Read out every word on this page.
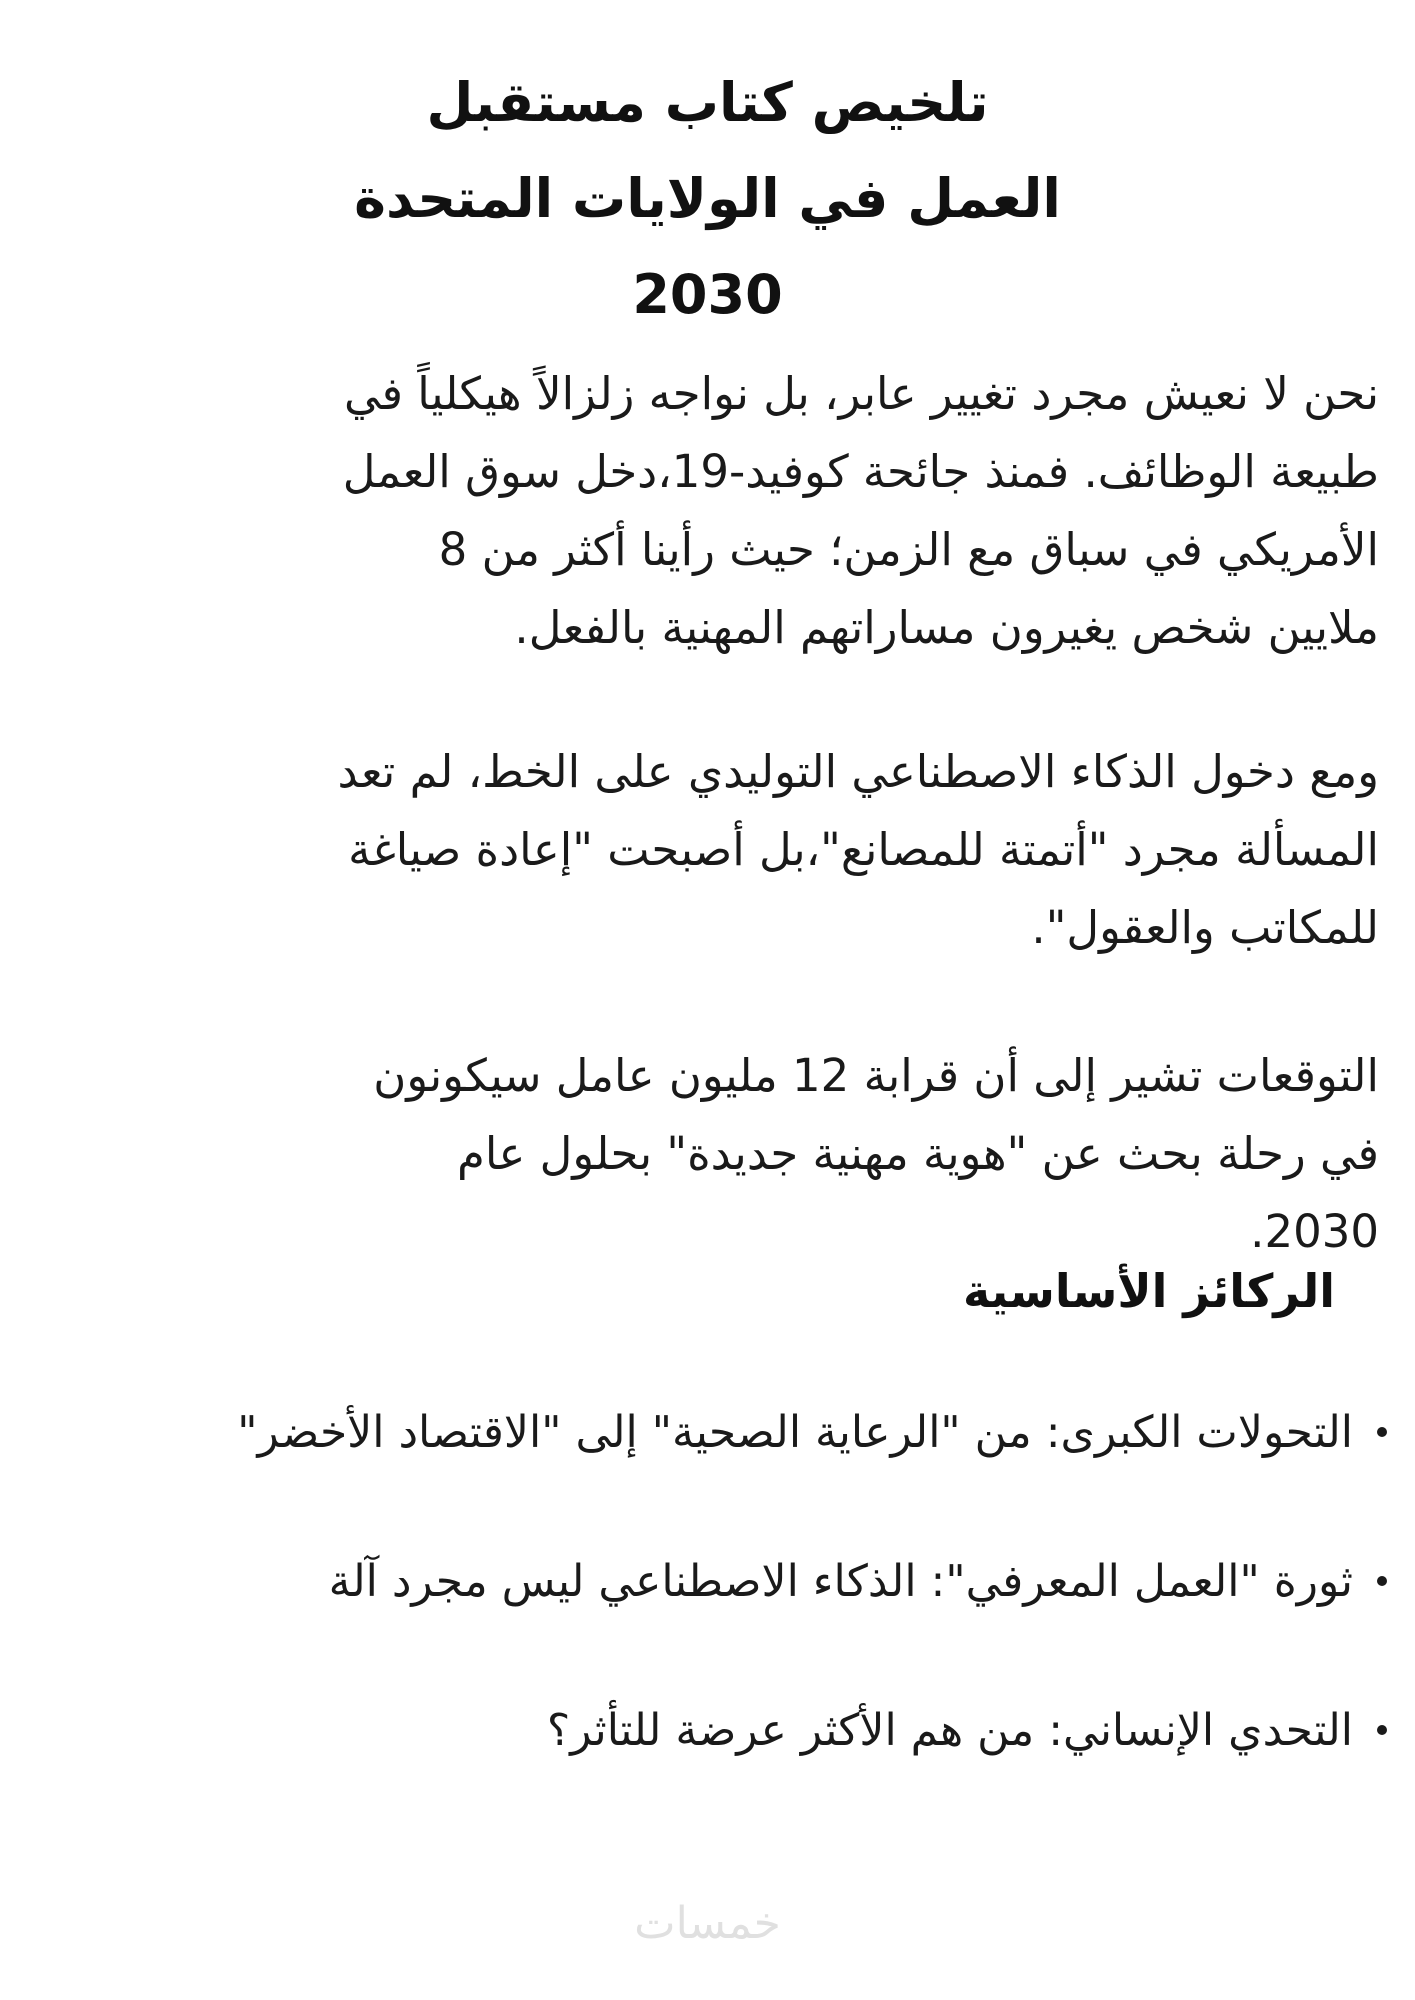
تلخيص كتاب مستقبل
العمل في الولايات المتحدة
2030

نحن لا نعيش مجرد تغيير عابر، بل نواجه زلزالاً هيكلياً في طبيعة الوظائف. فمنذ جائحة كوفيد-19،دخل سوق العمل الأمريكي في سباق مع الزمن؛ حيث رأينا أكثر من 8 ملايين شخص يغيرون مساراتهم المهنية بالفعل.

ومع دخول الذكاء الاصطناعي التوليدي على الخط، لم تعد المسألة مجرد "أتمتة للمصانع"،بل أصبحت "إعادة صياغة للمكاتب والعقول".

التوقعات تشير إلى أن قرابة 12 مليون عامل سيكونون في رحلة بحث عن "هوية مهنية جديدة" بحلول عام 2030.

الركائز الأساسية
التحولات الكبرى: من "الرعاية الصحية" إلى "الاقتصاد الأخضر"
ثورة "العمل المعرفي": الذكاء الاصطناعي ليس مجرد آلة
التحدي الإنساني: من هم الأكثر عرضة للتأثر؟
خمسات
